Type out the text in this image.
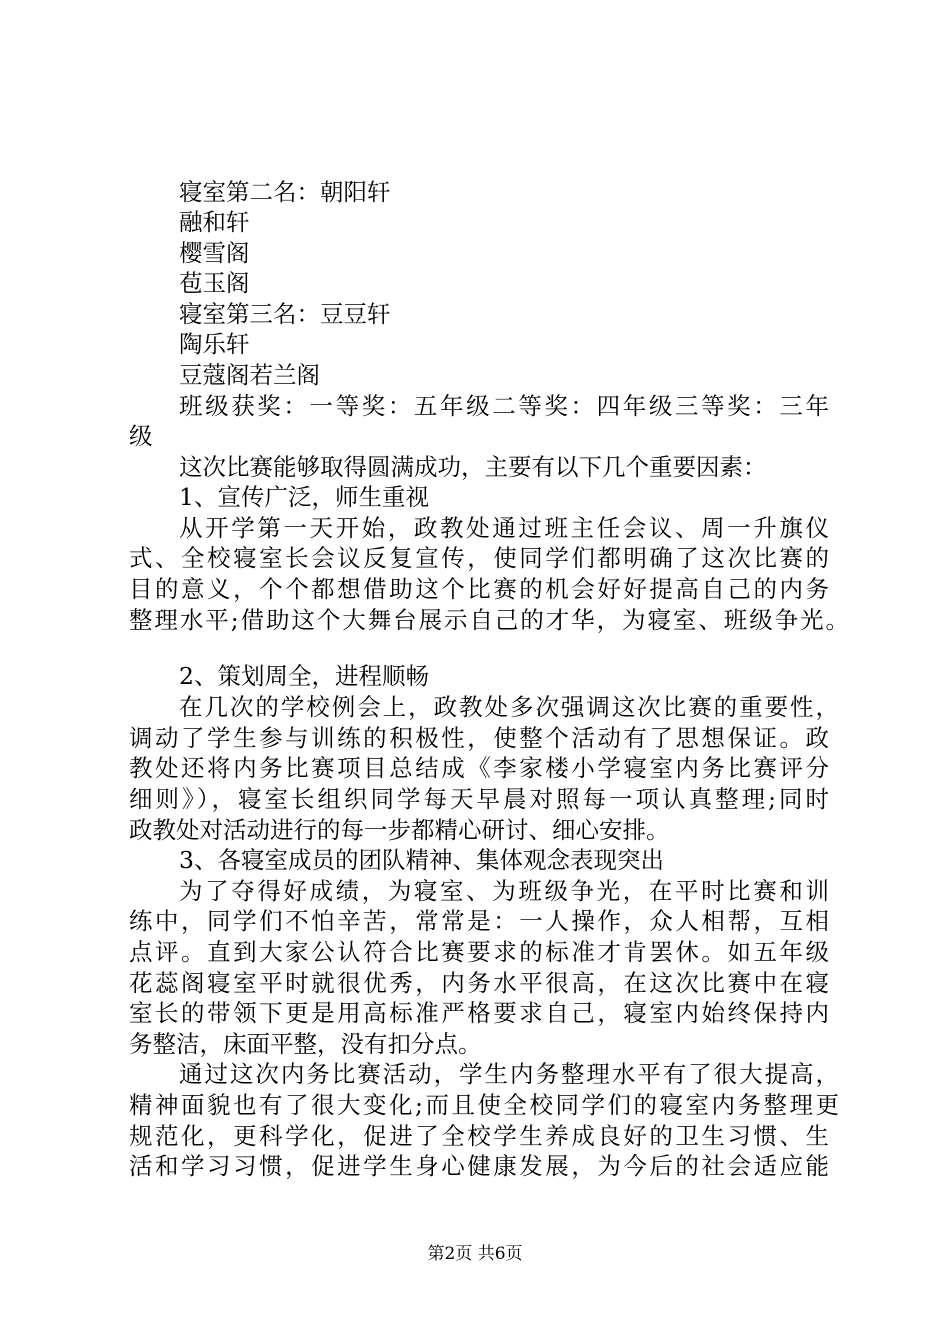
寝室第二名：朝阳轩
融和轩
樱雪阁
苞玉阁
寝室第三名：豆豆轩
陶乐轩
豆蔻阁若兰阁
班级获奖：一等奖：五年级二等奖：四年级三等奖：三年
级
这次比赛能够取得圆满成功，主要有以下几个重要因素：
1、宣传广泛，师生重视
从开学第一天开始，政教处通过班主任会议、周一升旗仪
式、全校寝室长会议反复宣传，使同学们都明确了这次比赛的
目的意义，个个都想借助这个比赛的机会好好提高自己的内务
整理水平;借助这个大舞台展示自己的才华，为寝室、班级争光。
2、策划周全，进程顺畅
在几次的学校例会上，政教处多次强调这次比赛的重要性，
调动了学生参与训练的积极性，使整个活动有了思想保证。政
教处还将内务比赛项目总结成《李家楼小学寝室内务比赛评分
细则》），寝室长组织同学每天早晨对照每一项认真整理;同时
政教处对活动进行的每一步都精心研讨、细心安排。
3、各寝室成员的团队精神、集体观念表现突出
为了夺得好成绩，为寝室、为班级争光，在平时比赛和训
练中，同学们不怕辛苦，常常是：一人操作，众人相帮，互相
点评。直到大家公认符合比赛要求的标准才肯罢休。如五年级
花蕊阁寝室平时就很优秀，内务水平很高，在这次比赛中在寝
室长的带领下更是用高标准严格要求自己，寝室内始终保持内
务整洁，床面平整，没有扣分点。
通过这次内务比赛活动，学生内务整理水平有了很大提高，
精神面貌也有了很大变化;而且使全校同学们的寝室内务整理更
规范化，更科学化，促进了全校学生养成良好的卫生习惯、生
活和学习习惯，促进学生身心健康发展，为今后的社会适应能
第2页 共6页
